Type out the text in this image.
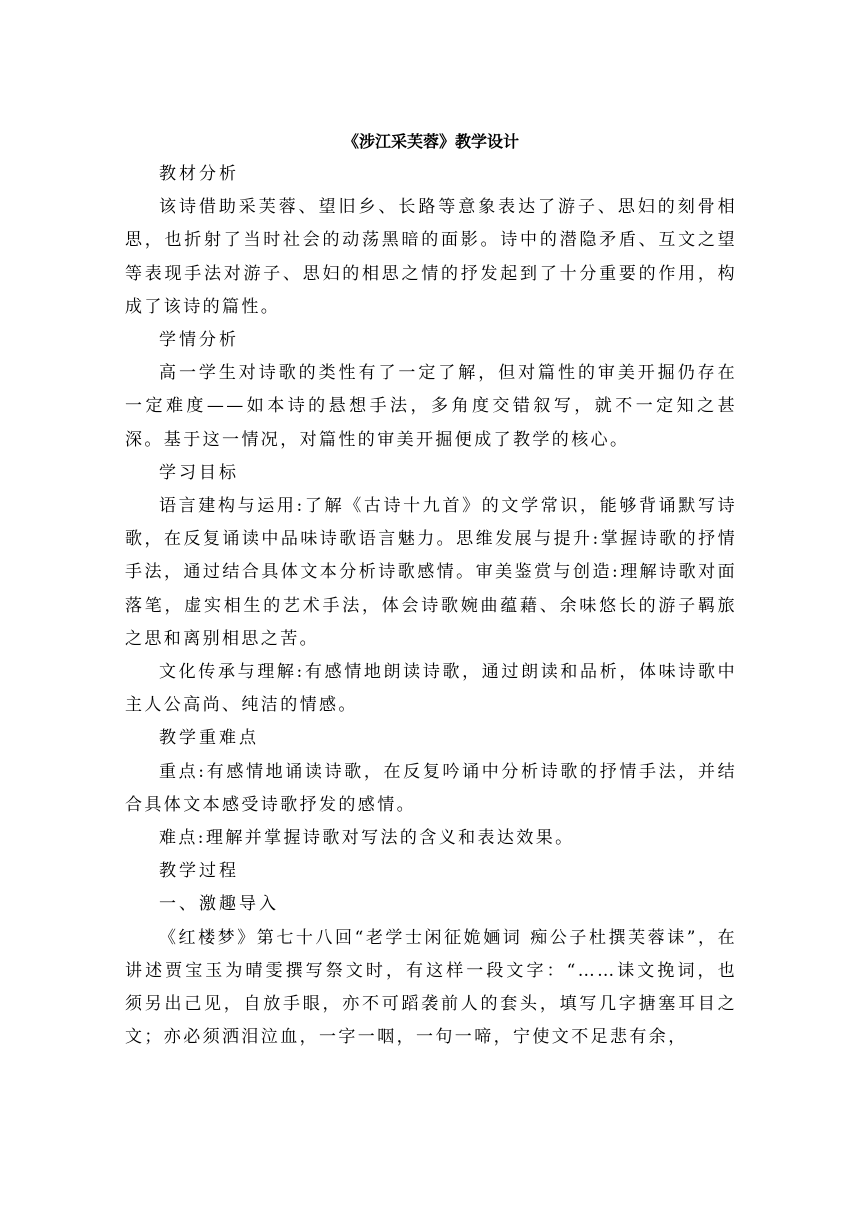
《涉江采芙蓉》教学设计

教材分析

该诗借助采芙蓉、望旧乡、长路等意象表达了游子、思妇的刻骨相思，也折射了当时社会的动荡黑暗的面影。诗中的潜隐矛盾、互文之望等表现手法对游子、思妇的相思之情的抒发起到了十分重要的作用，构成了该诗的篇性。

学情分析

高一学生对诗歌的类性有了一定了解，但对篇性的审美开掘仍存在一定难度——如本诗的悬想手法，多角度交错叙写，就不一定知之甚深。基于这一情况，对篇性的审美开掘便成了教学的核心。

学习目标

语言建构与运用:了解《古诗十九首》的文学常识，能够背诵默写诗歌，在反复诵读中品味诗歌语言魅力。思维发展与提升:掌握诗歌的抒情手法，通过结合具体文本分析诗歌感情。审美鉴赏与创造:理解诗歌对面落笔，虚实相生的艺术手法，体会诗歌婉曲蕴藉、余味悠长的游子羁旅之思和离别相思之苦。

文化传承与理解:有感情地朗读诗歌，通过朗读和品析，体味诗歌中主人公高尚、纯洁的情感。

教学重难点

重点:有感情地诵读诗歌，在反复吟诵中分析诗歌的抒情手法，并结合具体文本感受诗歌抒发的感情。

难点:理解并掌握诗歌对写法的含义和表达效果。

教学过程

一、激趣导入

《红楼梦》第七十八回“老学士闲征姽婳词 痴公子杜撰芙蓉诔”，在讲述贾宝玉为晴雯撰写祭文时，有这样一段文字：“……诔文挽词，也须另出己见，自放手眼，亦不可蹈袭前人的套头，填写几字搪塞耳目之文；亦必须洒泪泣血，一字一咽，一句一啼，宁使文不足悲有余，
